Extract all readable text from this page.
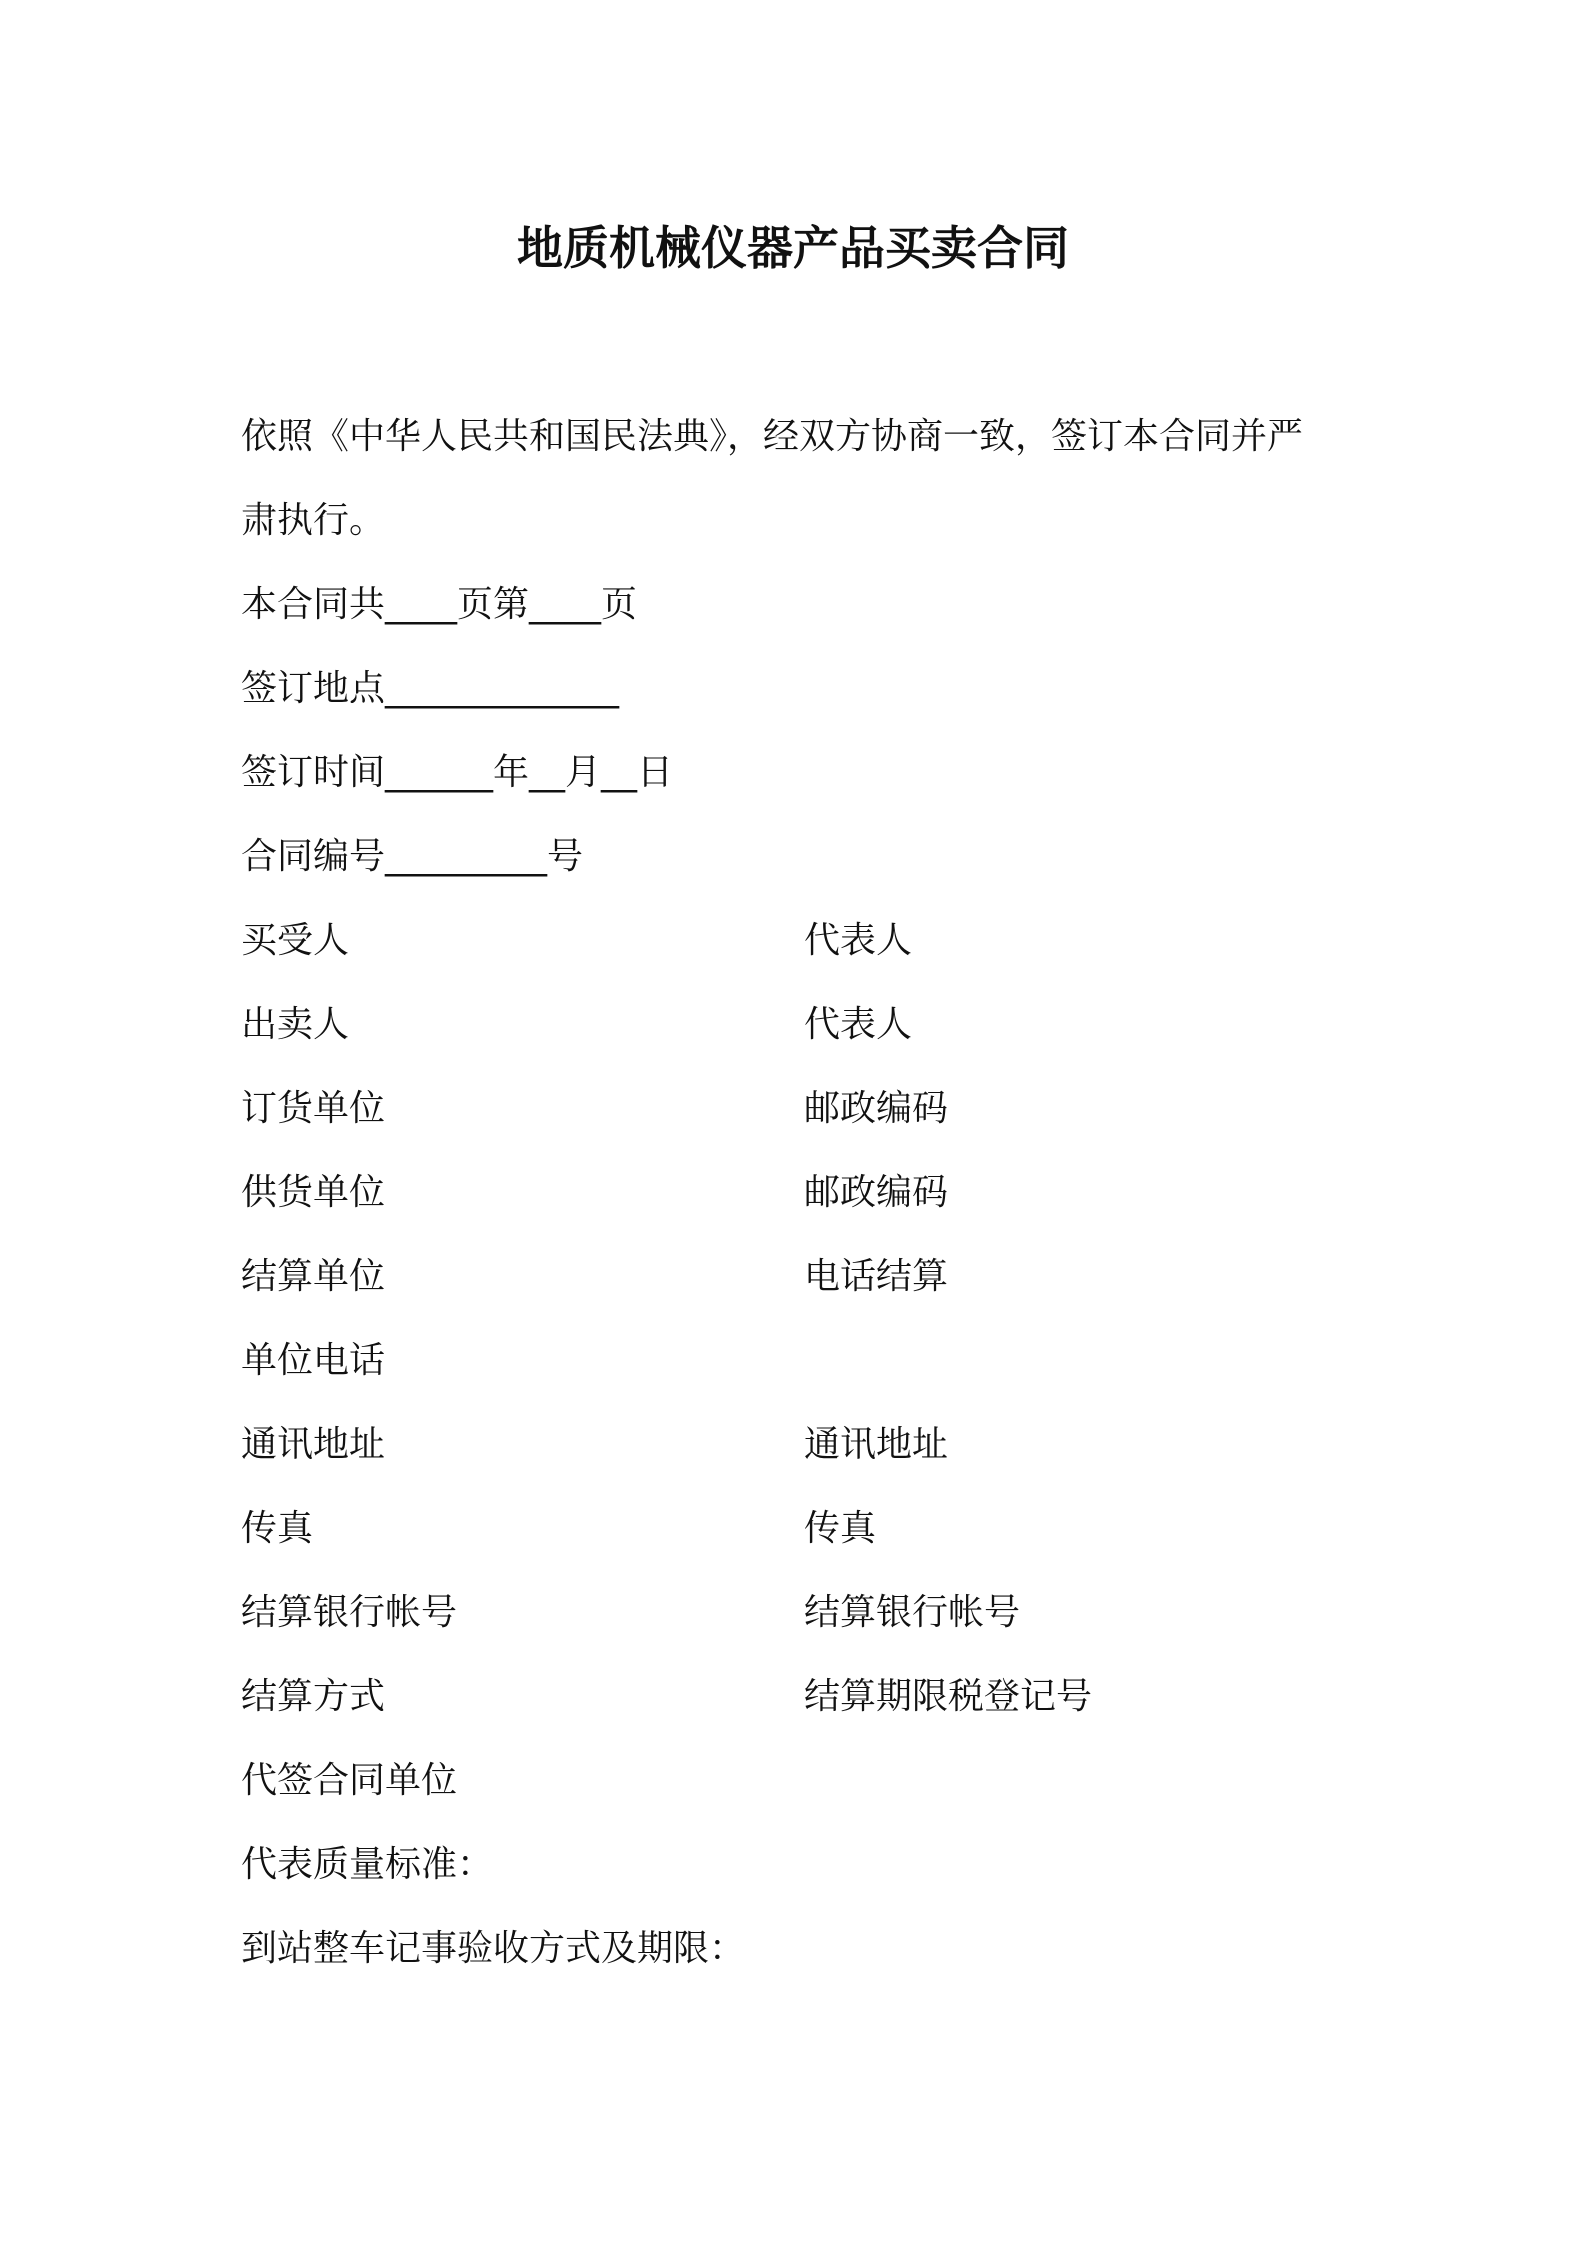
地质机械仪器产品买卖合同

依照《中华人民共和国民法典》，经双方协商一致，签订本合同并严

肃执行。

本合同共____页第____页
签订地点_____________
签订时间______年__月__日
合同编号_________号
买受人	代表人
出卖人	代表人
订货单位	邮政编码
供货单位	邮政编码
结算单位	电话结算
单位电话
通讯地址	通讯地址
传真	传真
结算银行帐号	结算银行帐号
结算方式	结算期限税登记号
代签合同单位
代表质量标准：
到站整车记事验收方式及期限：
